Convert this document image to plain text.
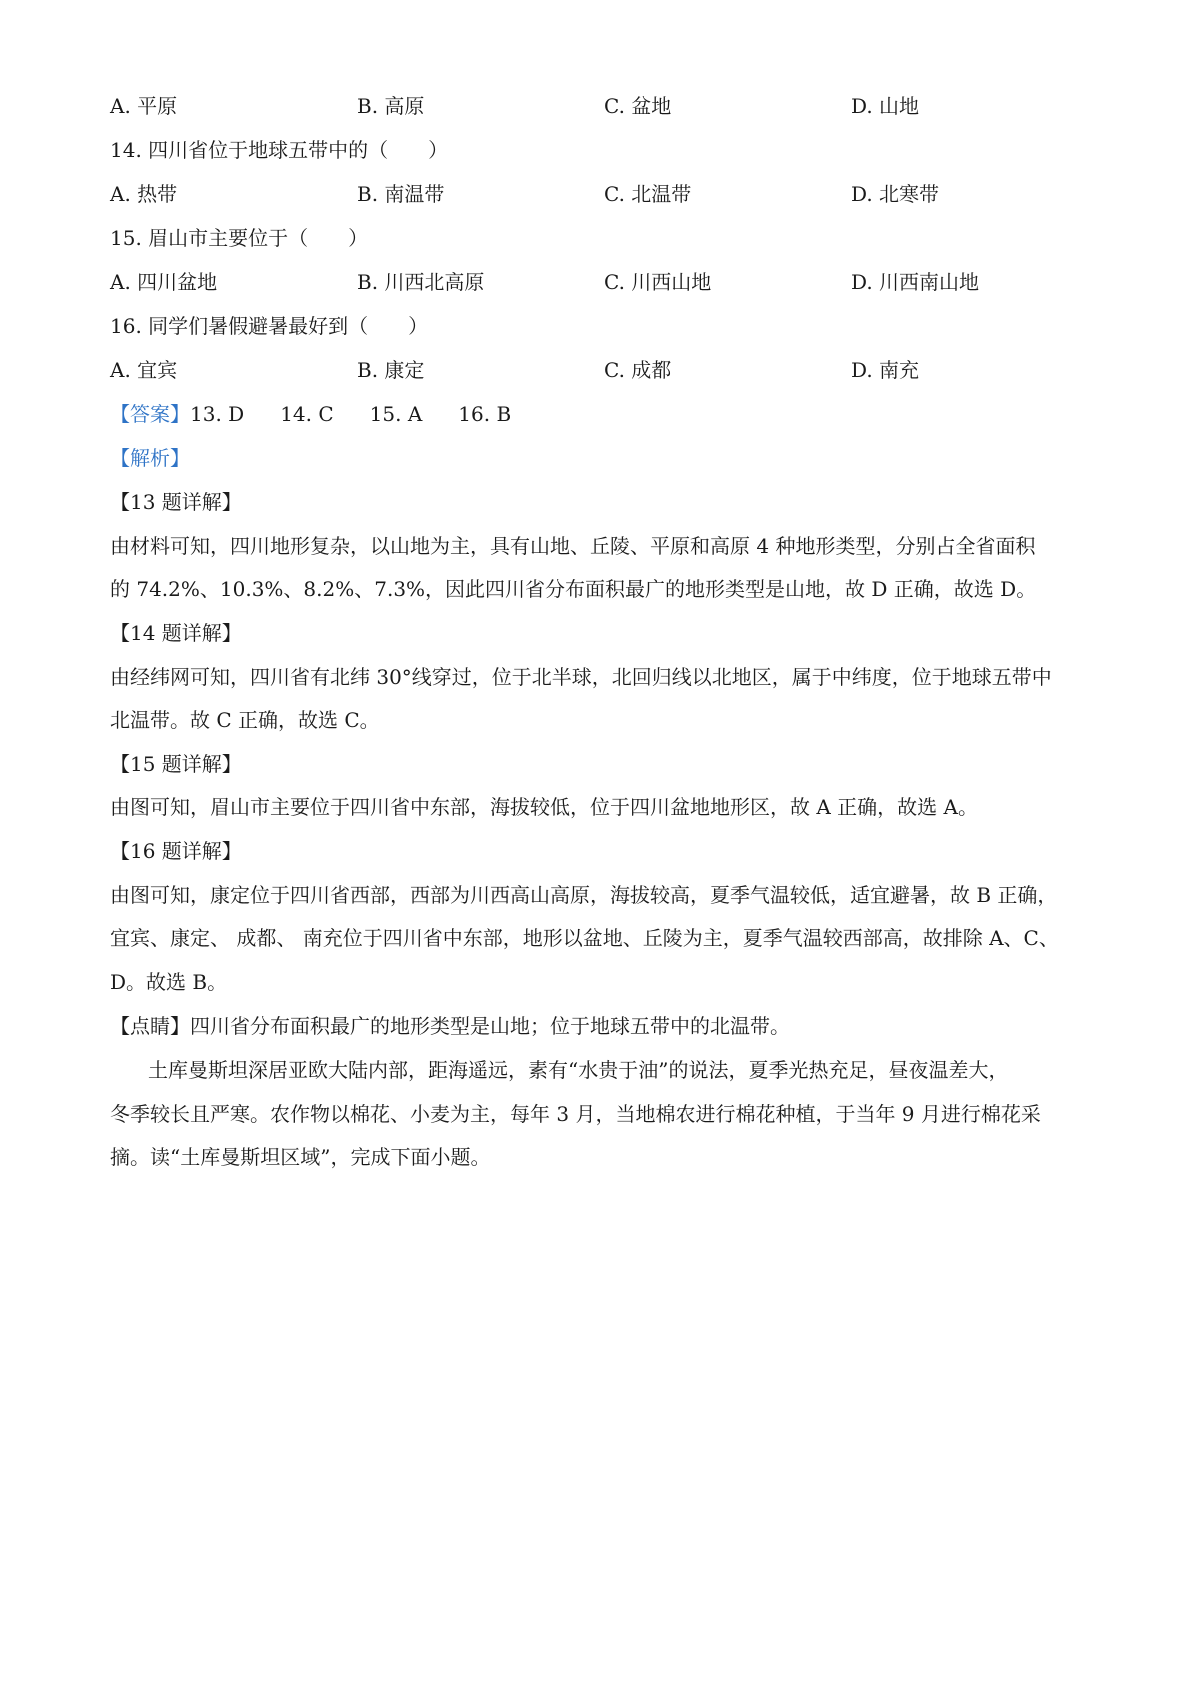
A. 平原	B. 高原	C. 盆地	D. 山地
14. 四川省位于地球五带中的（　　）
A. 热带	B. 南温带	C. 北温带	D. 北寒带
15. 眉山市主要位于（　　）
A. 四川盆地	B. 川西北高原	C. 川西山地	D. 川西南山地
16. 同学们暑假避暑最好到（　　）
A. 宜宾	B. 康定	C. 成都	D. 南充
【答案】13. D 14. C 15. A 16. B
【解析】
【13 题详解】
由材料可知，四川地形复杂，以山地为主，具有山地、丘陵、平原和高原 4 种地形类型，分别占全省面积
的 74.2%、10.3%、8.2%、7.3%，因此四川省分布面积最广的地形类型是山地，故 D 正确，故选 D。
【14 题详解】
由经纬网可知，四川省有北纬 30°线穿过，位于北半球，北回归线以北地区，属于中纬度，位于地球五带中
北温带。故 C 正确，故选 C。
【15 题详解】
由图可知，眉山市主要位于四川省中东部，海拔较低，位于四川盆地地形区，故 A 正确，故选 A。
【16 题详解】
由图可知，康定位于四川省西部，西部为川西高山高原，海拔较高，夏季气温较低，适宜避暑，故 B 正确，
宜宾、康定、 成都、 南充位于四川省中东部，地形以盆地、丘陵为主，夏季气温较西部高，故排除 A、C、
D。故选 B。
【点睛】四川省分布面积最广的地形类型是山地；位于地球五带中的北温带。
土库曼斯坦深居亚欧大陆内部，距海遥远，素有“水贵于油”的说法，夏季光热充足，昼夜温差大，
冬季较长且严寒。农作物以棉花、小麦为主，每年 3 月，当地棉农进行棉花种植，于当年 9 月进行棉花采
摘。读“土库曼斯坦区域”，完成下面小题。
